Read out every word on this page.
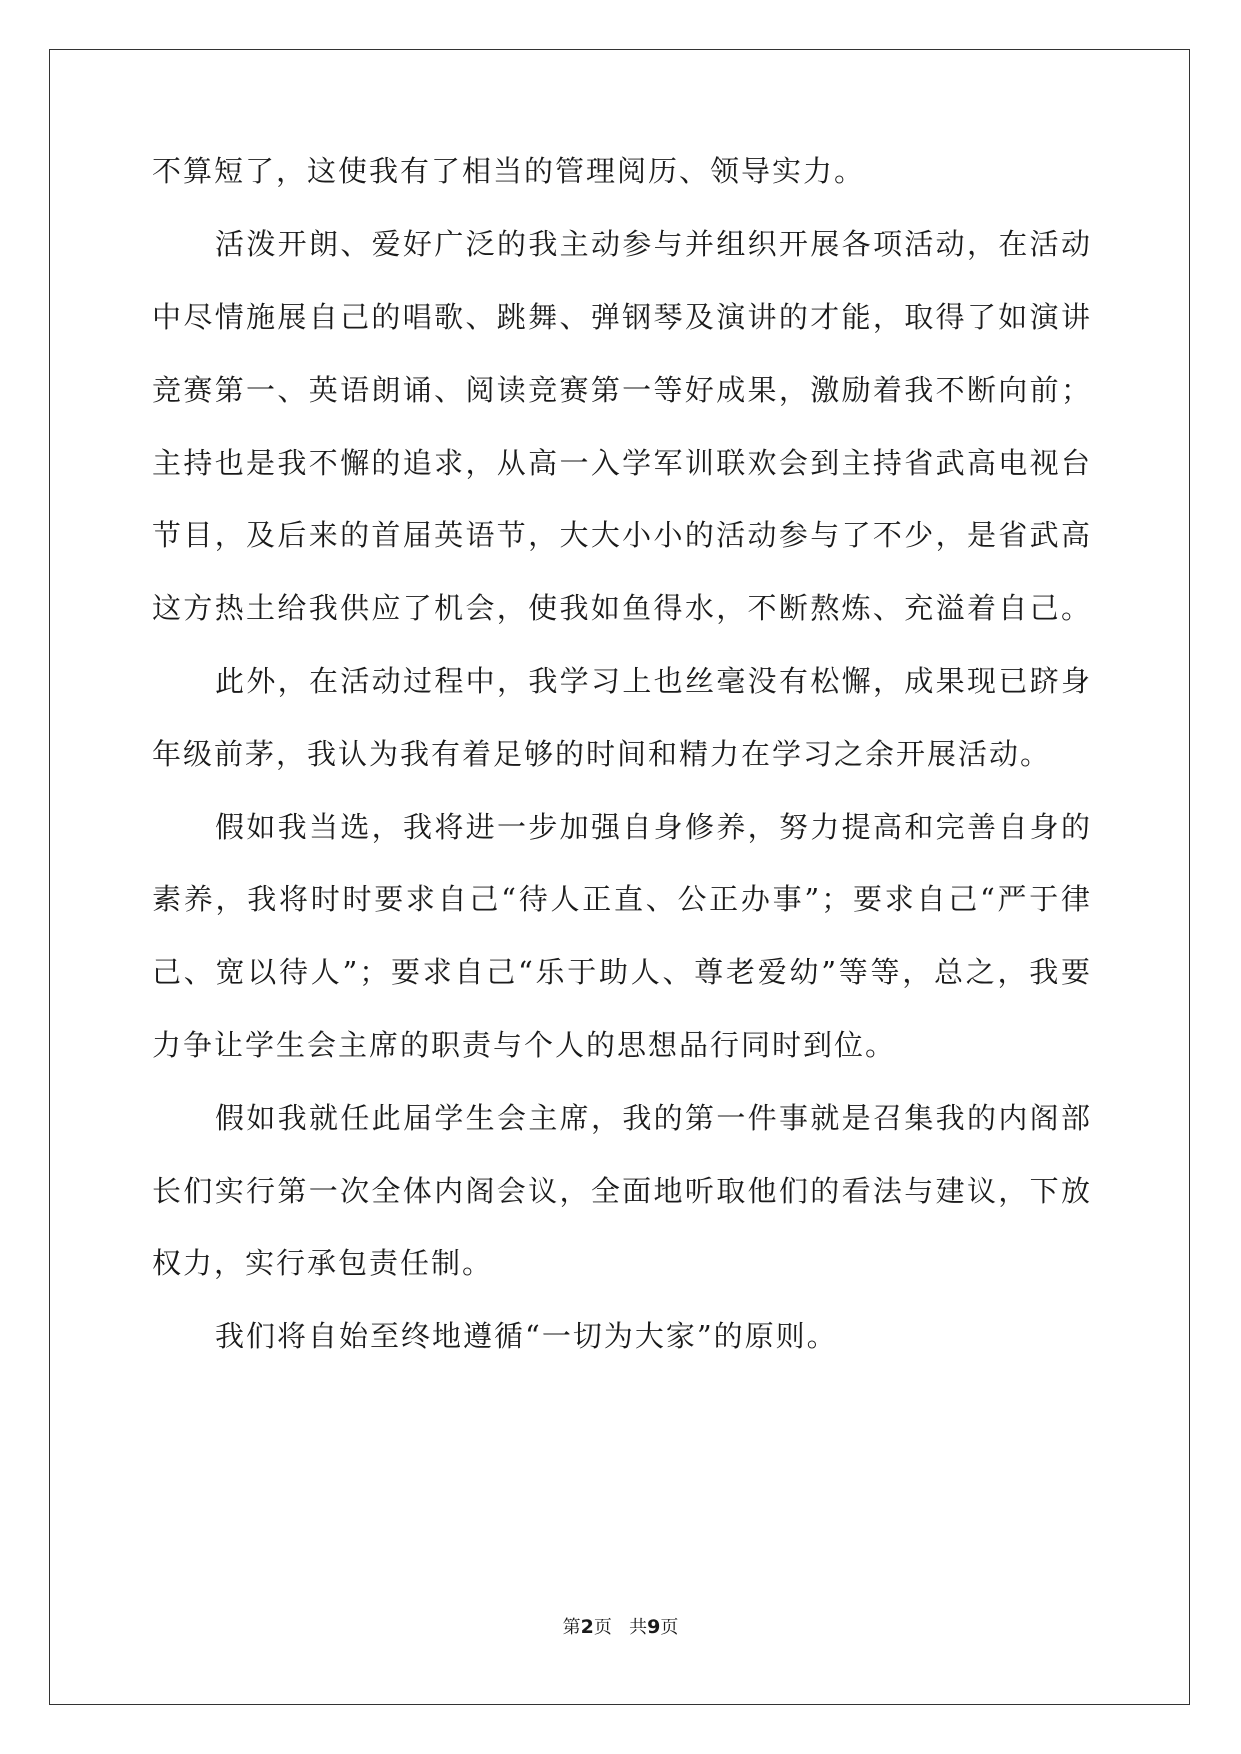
不算短了，这使我有了相当的管理阅历、领导实力。
活泼开朗、爱好广泛的我主动参与并组织开展各项活动，在活动
中尽情施展自己的唱歌、跳舞、弹钢琴及演讲的才能，取得了如演讲
竞赛第一、英语朗诵、阅读竞赛第一等好成果，激励着我不断向前；
主持也是我不懈的追求，从高一入学军训联欢会到主持省武高电视台
节目，及后来的首届英语节，大大小小的活动参与了不少，是省武高
这方热土给我供应了机会，使我如鱼得水，不断熬炼、充溢着自己。
此外，在活动过程中，我学习上也丝毫没有松懈，成果现已跻身
年级前茅，我认为我有着足够的时间和精力在学习之余开展活动。
假如我当选，我将进一步加强自身修养，努力提高和完善自身的
素养，我将时时要求自己“待人正直、公正办事”；要求自己“严于律
己、宽以待人”；要求自己“乐于助人、尊老爱幼”等等，总之，我要
力争让学生会主席的职责与个人的思想品行同时到位。
假如我就任此届学生会主席，我的第一件事就是召集我的内阁部
长们实行第一次全体内阁会议，全面地听取他们的看法与建议，下放
权力，实行承包责任制。
我们将自始至终地遵循“一切为大家”的原则。
第2页 共9页
